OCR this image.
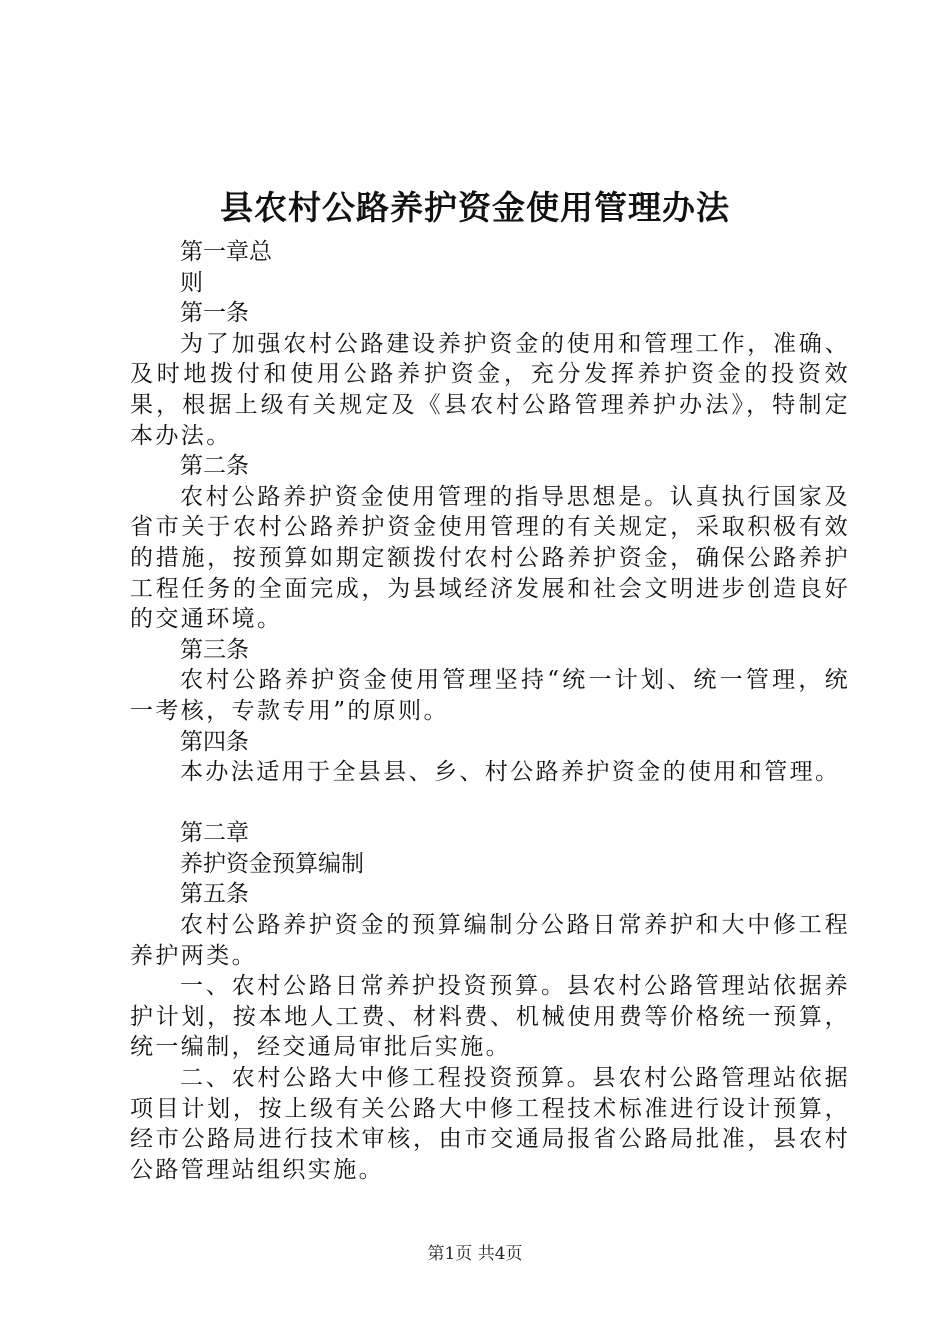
县农村公路养护资金使用管理办法

第一章总

则

第一条

为了加强农村公路建设养护资金的使用和管理工作，准确、及时地拨付和使用公路养护资金，充分发挥养护资金的投资效果，根据上级有关规定及《县农村公路管理养护办法》，特制定本办法。

第二条

农村公路养护资金使用管理的指导思想是。认真执行国家及省市关于农村公路养护资金使用管理的有关规定，采取积极有效的措施，按预算如期定额拨付农村公路养护资金，确保公路养护工程任务的全面完成，为县域经济发展和社会文明进步创造良好的交通环境。

第三条

农村公路养护资金使用管理坚持“统一计划、统一管理，统一考核，专款专用”的原则。

第四条

本办法适用于全县县、乡、村公路养护资金的使用和管理。

第二章

养护资金预算编制

第五条

农村公路养护资金的预算编制分公路日常养护和大中修工程养护两类。

一、农村公路日常养护投资预算。县农村公路管理站依据养护计划，按本地人工费、材料费、机械使用费等价格统一预算，统一编制，经交通局审批后实施。

二、农村公路大中修工程投资预算。县农村公路管理站依据项目计划，按上级有关公路大中修工程技术标准进行设计预算，经市公路局进行技术审核，由市交通局报省公路局批准，县农村公路管理站组织实施。

第1页 共4页
